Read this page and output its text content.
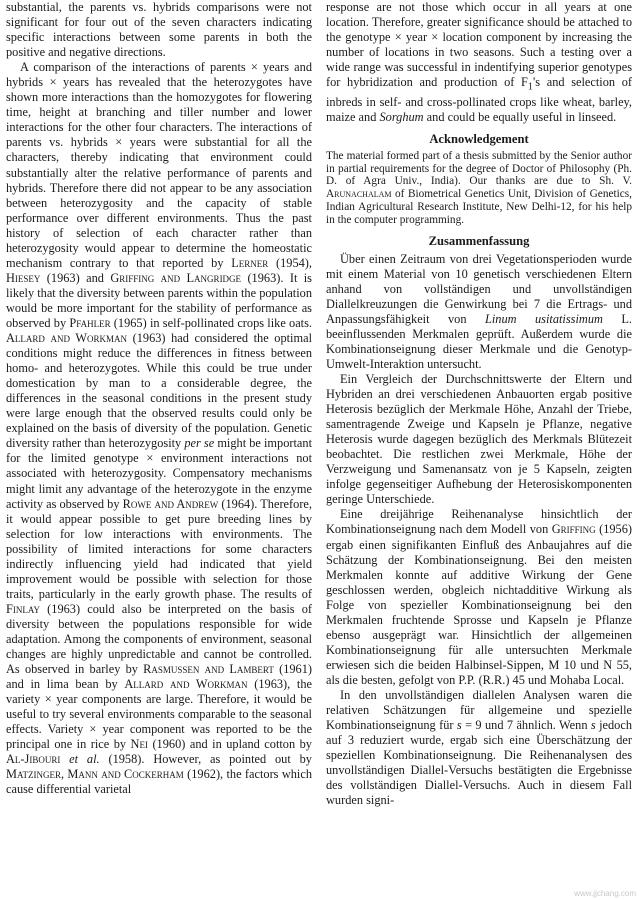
substantial, the parents vs. hybrids comparisons were not significant for four out of the seven characters indicating specific interactions between some parents in both the positive and negative directions.

A comparison of the interactions of parents × years and hybrids × years has revealed that the heterozygotes have shown more interactions than the homozygotes for flowering time, height at branching and tiller number and lower interactions for the other four characters. The interactions of parents vs. hybrids × years were substantial for all the characters, thereby indicating that environment could substantially alter the relative performance of parents and hybrids. Therefore there did not appear to be any association between heterozygosity and the capacity of stable performance over different environments. Thus the past history of selection of each character rather than heterozygosity would appear to determine the homeostatic mechanism contrary to that reported by Lerner (1954), Hiesey (1963) and Griffing and Langridge (1963). It is likely that the diversity between parents within the population would be more important for the stability of performance as observed by Pfahler (1965) in self-pollinated crops like oats. Allard and Workman (1963) had considered the optimal conditions might reduce the differences in fitness between homo- and heterozygotes. While this could be true under domestication by man to a considerable degree, the differences in the seasonal conditions in the present study were large enough that the observed results could only be explained on the basis of diversity of the population. Genetic diversity rather than heterozygosity per se might be important for the limited genotype × environment interactions not associated with heterozygosity. Compensatory mechanisms might limit any advantage of the heterozygote in the enzyme activity as observed by Rowe and Andrew (1964). Therefore, it would appear possible to get pure breeding lines by selection for low interactions with environments. The possibility of limited interactions for some characters indirectly influencing yield had indicated that yield improvement would be possible with selection for those traits, particularly in the early growth phase. The results of Finlay (1963) could also be interpreted on the basis of diversity between the populations responsible for wide adaptation. Among the components of environment, seasonal changes are highly unpredictable and cannot be controlled. As observed in barley by Rasmussen and Lambert (1961) and in lima bean by Allard and Workman (1963), the variety × year components are large. Therefore, it would be useful to try several environments comparable to the seasonal effects. Variety × year component was reported to be the principal one in rice by Nei (1960) and in upland cotton by Al-Jibouri et al. (1958). However, as pointed out by Matzinger, Mann and Cockerham (1962), the factors which cause differential varietal

response are not those which occur in all years at one location. Therefore, greater significance should be attached to the genotype × year × location component by increasing the number of locations in two seasons. Such a testing over a wide range was successful in indentifying superior genotypes for hybridization and production of $F_1's$ and selection of inbreds in self- and cross-pollinated crops like wheat, barley, maize and Sorghum and could be equally useful in linseed.

Acknowledgement

The material formed part of a thesis submitted by the Senior author in partial requirements for the degree of Doctor of Philosophy (Ph. D. of Agra Univ., India). Our thanks are due to Sh. V. Arunachalam of Biometrical Genetics Unit, Division of Genetics, Indian Agricultural Research Institute, New Delhi-12, for his help in the computer programming.

Zusammenfassung

Über einen Zeitraum von drei Vegetationsperioden wurde mit einem Material von 10 genetisch verschiedenen Eltern anhand von vollständigen und unvollständigen Diallelkreuzungen die Genwirkung bei 7 die Ertrags- und Anpassungsfähigkeit von Linum usitatissimum L. beeinflussenden Merkmalen geprüft. Außerdem wurde die Kombinationseignung dieser Merkmale und die Genotyp-Umwelt-Interaktion untersucht.

Ein Vergleich der Durchschnittswerte der Eltern und Hybriden an drei verschiedenen Anbauorten ergab positive Heterosis bezüglich der Merkmale Höhe, Anzahl der Triebe, samentragende Zweige und Kapseln je Pflanze, negative Heterosis wurde dagegen bezüglich des Merkmals Blütezeit beobachtet. Die restlichen zwei Merkmale, Höhe der Verzweigung und Samenansatz von je 5 Kapseln, zeigten infolge gegenseitiger Aufhebung der Heterosiskomponenten geringe Unterschiede.

Eine dreijährige Reihenanalyse hinsichtlich der Kombinationseignung nach dem Modell von Griffing (1956) ergab einen signifikanten Einfluß des Anbaujahres auf die Schätzung der Kombinationseignung. Bei den meisten Merkmalen konnte auf additive Wirkung der Gene geschlossen werden, obgleich nichtadditive Wirkung als Folge von spezieller Kombinationseignung bei den Merkmalen fruchtende Sprosse und Kapseln je Pflanze ebenso ausgeprägt war. Hinsichtlich der allgemeinen Kombinationseignung für alle untersuchten Merkmale erwiesen sich die beiden Halbinsel-Sippen, M 10 und N 55, als die besten, gefolgt von P.P. (R.R.) 45 und Mohaba Local.

In den unvollständigen diallelen Analysen waren die relativen Schätzungen für allgemeine und spezielle Kombinationseignung für s = 9 und 7 ähnlich. Wenn s jedoch auf 3 reduziert wurde, ergab sich eine Überschätzung der speziellen Kombinationseignung. Die Reihenanalysen des unvollständigen Diallel-Versuchs bestätigten die Ergebnisse des vollständigen Diallel-Versuchs. Auch in diesem Fall wurden signi-

www.jjchang.com
